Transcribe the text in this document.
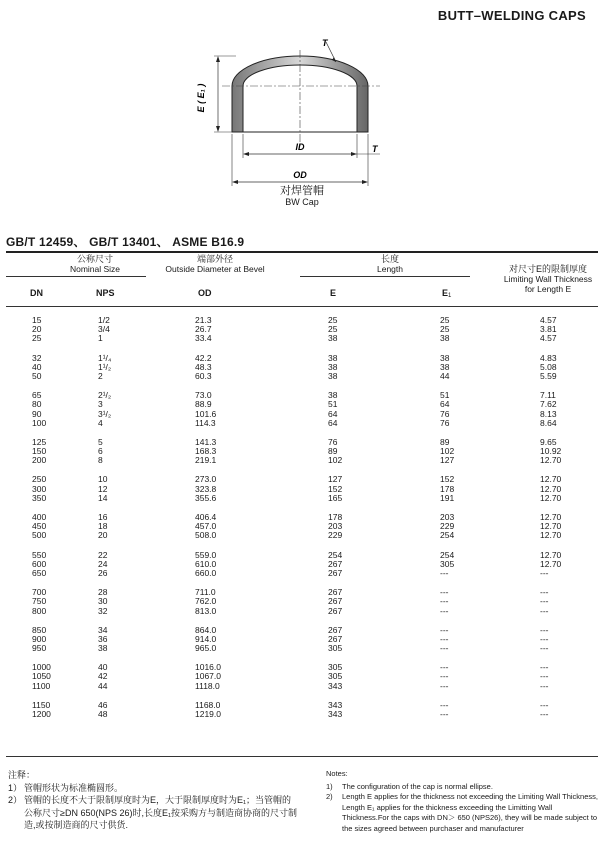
BUTT–WELDING CAPS
E ( E₁ )
T
ID	T
OD
对焊管帽
BW Cap
GB/T 12459、 GB/T 13401、 ASME B16.9
公称尺寸
Nominal Size
端部外径
Outside Diameter at Bevel
长度
Length	对尺寸E的限制厚度
Limiting Wall Thickness
for Length E
DN	NPS	OD	E	E1
15	1/2	21.3	25	25	4.57
20	3/4	26.7	25	25	3.81
25	1	33.4	38	38	4.57
32	1¹/₄	42.2	38	38	4.83
40	1¹/₂	48.3	38	38	5.08
50	2	60.3	38	44	5.59
65	2¹/₂	73.0	38	51	7.11
80	3	88.9	51	64	7.62
90	3¹/₂	101.6	64	76	8.13
100	4	114.3	64	76	8.64
125	5	141.3	76	89	9.65
150	6	168.3	89	102	10.92
200	8	219.1	102	127	12.70
250	10	273.0	127	152	12.70
300	12	323.8	152	178	12.70
350	14	355.6	165	191	12.70
400	16	406.4	178	203	12.70
450	18	457.0	203	229	12.70
500	20	508.0	229	254	12.70
550	22	559.0	254	254	12.70
600	24	610.0	267	305	12.70
650	26	660.0	267	---	---
700	28	711.0	267	---	---
750	30	762.0	267	---	---
800	32	813.0	267	---	---
850	34	864.0	267	---	---
900	36	914.0	267	---	---
950	38	965.0	305	---	---
1000	40	1016.0	305	---	---
1050	42	1067.0	305	---	---
1100	44	1118.0	343	---	---
1150	46	1168.0	343	---	---
1200	48	1219.0	343	---	---
注释：
1） 管帽形状为标准椭圆形。
2） 管帽的长度不大于限制厚度时为E，大于限制厚度时为E₁；当管帽的公称尺寸≥DN 650(NPS 26)时,长度E₁按采购方与制造商协商的尺寸制造,或按制造商的尺寸供货.
Notes:
1) The configuration of the cap is normal ellipse.
2) Length E applies for the thickness not exceeding the Limiting Wall Thickness, Length E₁ applies for the thickness exceeding the Limitting Wall Thickness.For the caps with DN＞ 650 (NPS26), they will be made subject to the sizes agreed between purchaser and manufacturer
